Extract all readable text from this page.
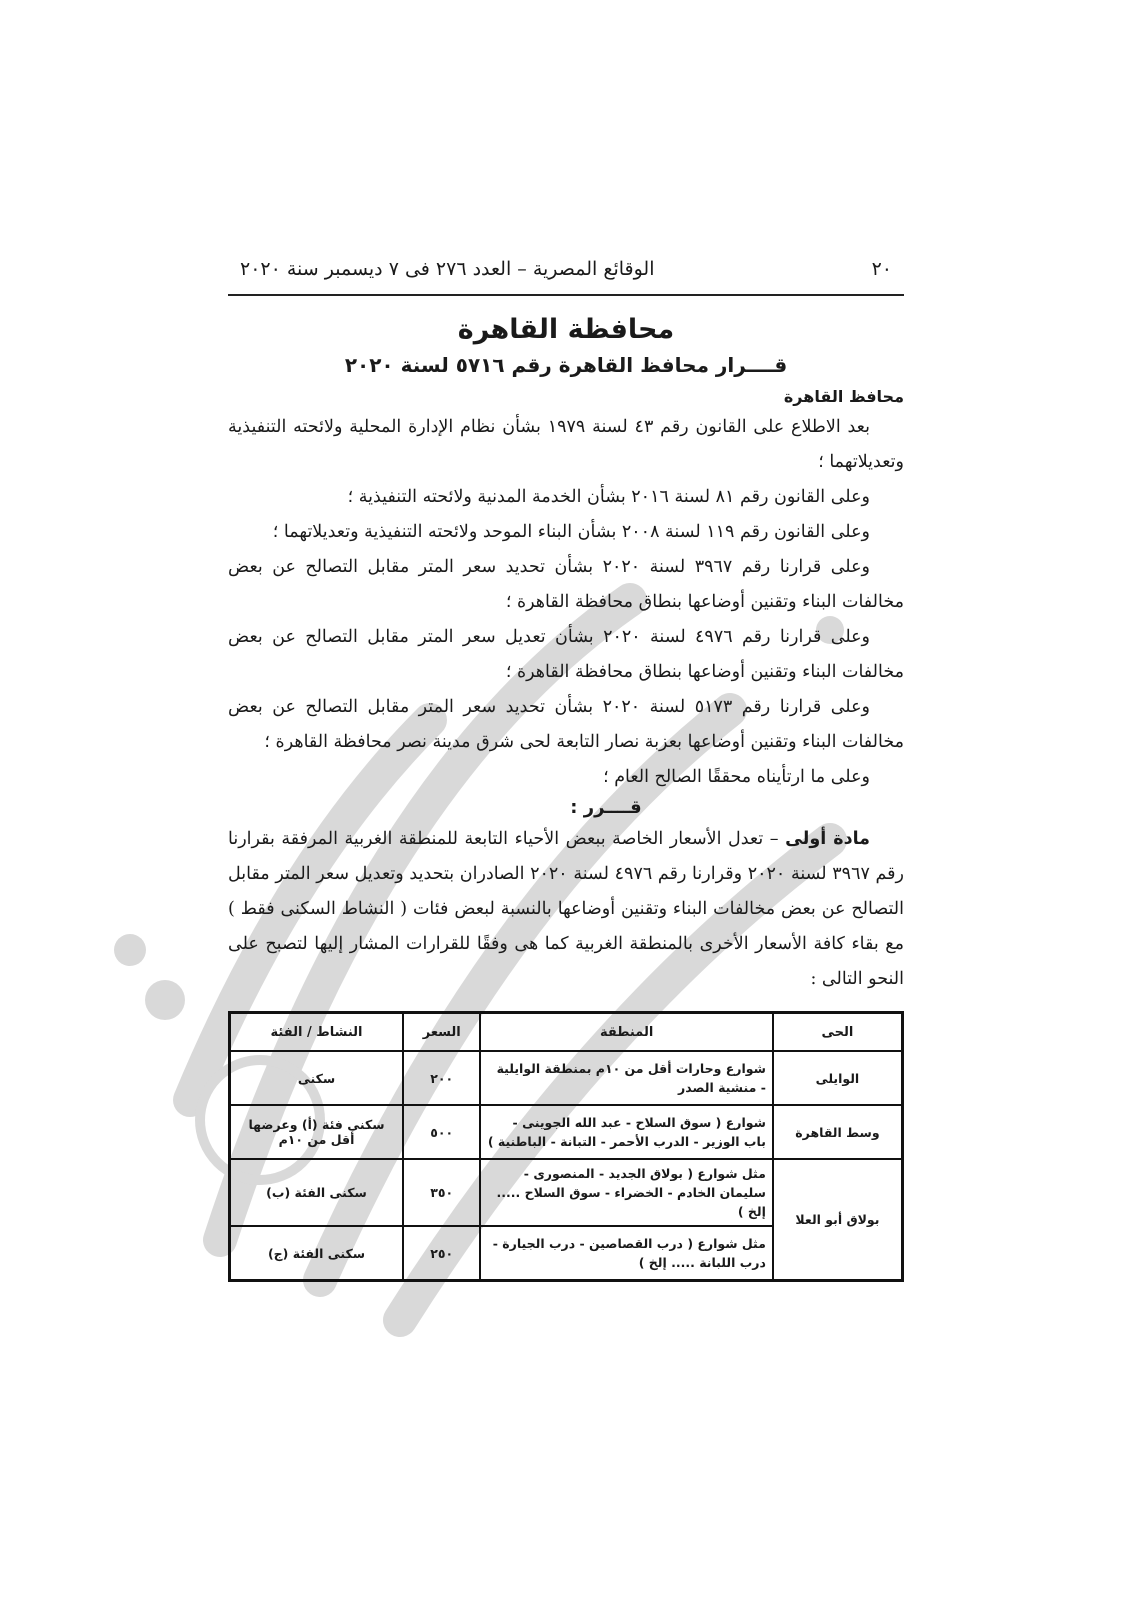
٢٠
الوقائع المصرية – العدد ٢٧٦ فى ٧ ديسمبر سنة ٢٠٢٠
محافظة القاهرة
قــــرار محافظ القاهرة رقم ٥٧١٦ لسنة ٢٠٢٠
محافظ القاهرة

بعد الاطلاع على القانون رقم ٤٣ لسنة ١٩٧٩ بشأن نظام الإدارة المحلية ولائحته التنفيذية وتعديلاتهما ؛

وعلى القانون رقم ٨١ لسنة ٢٠١٦ بشأن الخدمة المدنية ولائحته التنفيذية ؛

وعلى القانون رقم ١١٩ لسنة ٢٠٠٨ بشأن البناء الموحد ولائحته التنفيذية وتعديلاتهما ؛

وعلى قرارنا رقم ٣٩٦٧ لسنة ٢٠٢٠ بشأن تحديد سعر المتر مقابل التصالح عن بعض مخالفات البناء وتقنين أوضاعها بنطاق محافظة القاهرة ؛

وعلى قرارنا رقم ٤٩٧٦ لسنة ٢٠٢٠ بشأن تعديل سعر المتر مقابل التصالح عن بعض مخالفات البناء وتقنين أوضاعها بنطاق محافظة القاهرة ؛

وعلى قرارنا رقم ٥١٧٣ لسنة ٢٠٢٠ بشأن تحديد سعر المتر مقابل التصالح عن بعض مخالفات البناء وتقنين أوضاعها بعزبة نصار التابعة لحى شرق مدينة نصر محافظة القاهرة ؛

وعلى ما ارتأيناه محققًا الصالح العام ؛

قــــرر :

مادة أولى – تعدل الأسعار الخاصة ببعض الأحياء التابعة للمنطقة الغربية المرفقة بقرارنا رقم ٣٩٦٧ لسنة ٢٠٢٠ وقرارنا رقم ٤٩٧٦ لسنة ٢٠٢٠ الصادران بتحديد وتعديل سعر المتر مقابل التصالح عن بعض مخالفات البناء وتقنين أوضاعها بالنسبة لبعض فئات ( النشاط السكنى فقط ) مع بقاء كافة الأسعار الأخرى بالمنطقة الغربية كما هى وفقًا للقرارات المشار إليها لتصبح على النحو التالى :

الحى	المنطقة	السعر	النشاط / الفئة
الوايلى	شوارع وحارات أقل من ١٠م بمنطقة الوايلية - منشية الصدر	٢٠٠	سكنى
وسط القاهرة	شوارع ( سوق السلاح - عبد الله الجوينى - باب الوزير - الدرب الأحمر - التبانة - الباطنية )	٥٠٠	سكنى فئة (أ) وعرضها أقل من ١٠م
بولاق أبو العلا	مثل شوارع ( بولاق الجديد - المنصورى - سليمان الخادم - الخضراء - سوق السلاح ..... إلخ )	٣٥٠	سكنى الفئة (ب)
	مثل شوارع ( درب القصاصين - درب الجيارة - درب اللبانة ..... إلخ )	٢٥٠	سكنى الفئة (ج)
